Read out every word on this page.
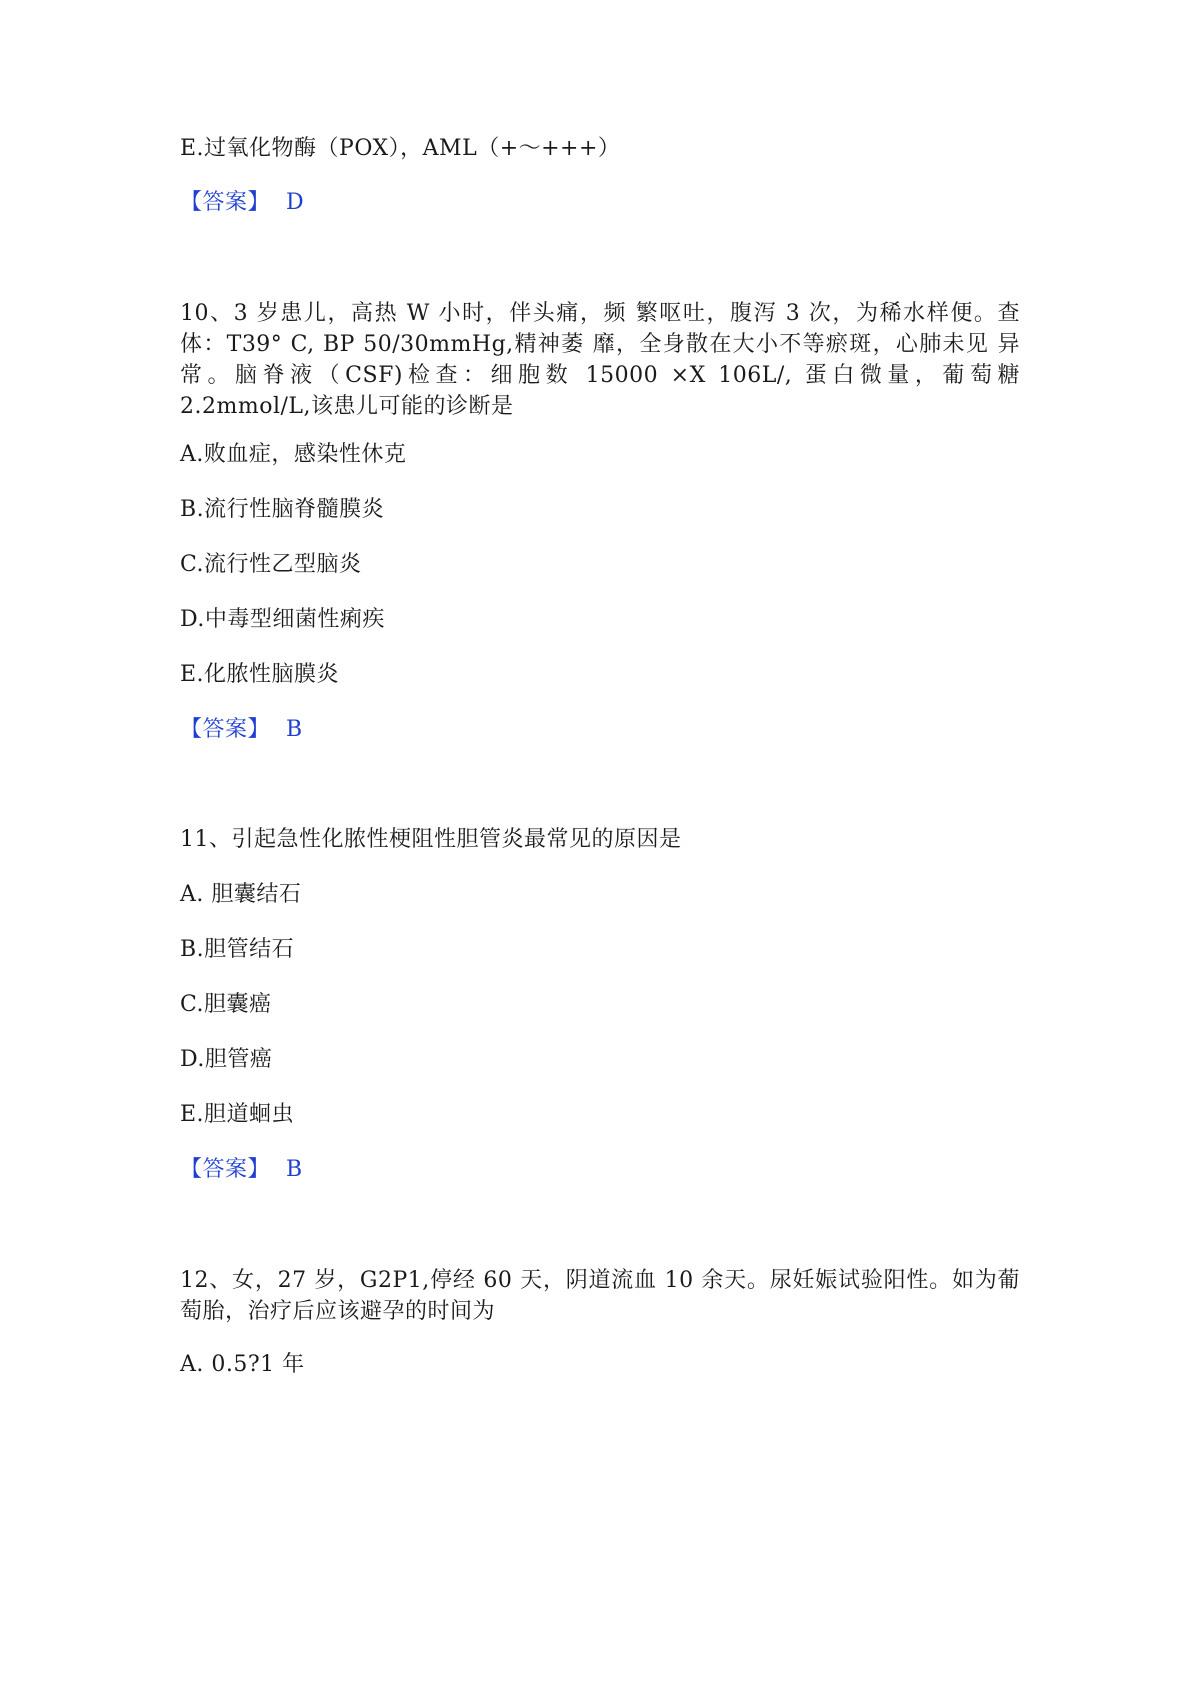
E.过氧化物酶（POX），AML（+～+++）
【答案】 D
10、3 岁患儿，高热 W 小时，伴头痛，频 繁呕吐，腹泻 3 次，为稀水样便。查体：T39° C, BP 50/30mmHg,精神萎 靡，全身散在大小不等瘀斑，心肺未见 异常。脑脊液（CSF)检查：细胞数 15000 ×X 106L/, 蛋白微量，葡萄糖 2.2mmol/L,该患儿可能的诊断是
A.败血症，感染性休克
B.流行性脑脊髓膜炎
C.流行性乙型脑炎
D.中毒型细菌性痢疾
E.化脓性脑膜炎
【答案】 B
11、引起急性化脓性梗阻性胆管炎最常见的原因是
A. 胆囊结石
B.胆管结石
C.胆囊癌
D.胆管癌
E.胆道蛔虫
【答案】 B
12、女，27 岁，G2P1,停经 60 天，阴道流血 10 余天。尿妊娠试验阳性。如为葡萄胎，治疗后应该避孕的时间为
A. 0.5?1 年
